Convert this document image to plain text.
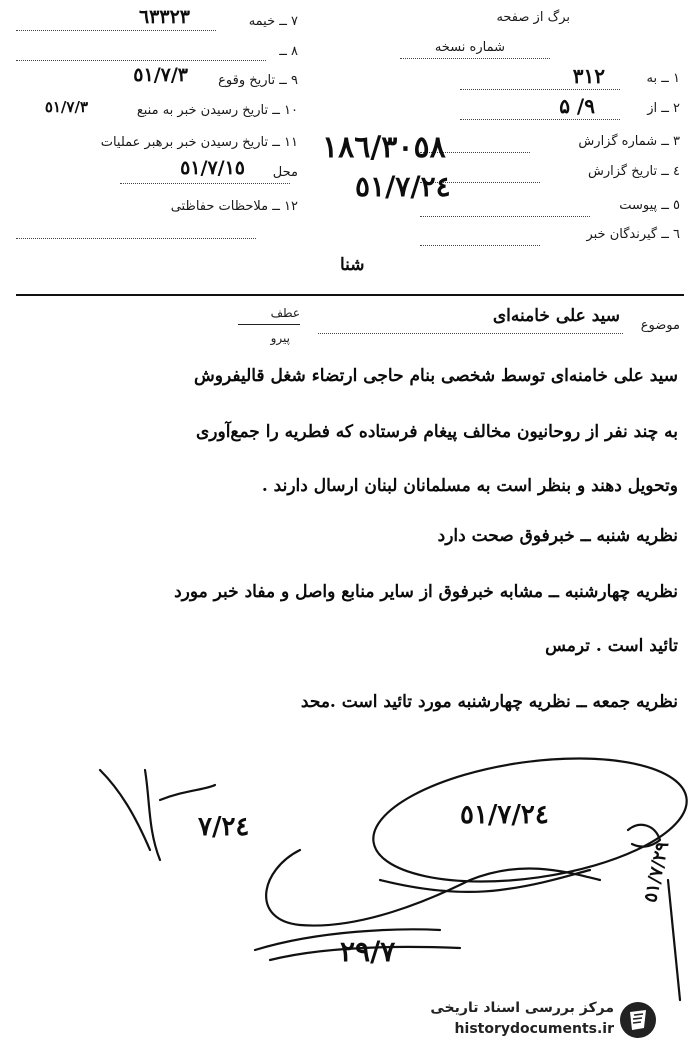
برگ از صفحه
شماره نسخه
۱ ــ به
۳۱۲
۲ ــ از
۹/ ۵
۳ ــ شماره گزارش
٤ ــ تاریخ گزارش
٥ ــ پیوست
٦ ــ گیرندگان خبر
٧ ــ خیمه
٦٣٣٢٣
٨ ــ
٩ ــ تاریخ وقوع
٥١/٧/٣
١٠ ــ تاریخ رسیدن خبر به منبع
٥١/٧/٣
١١ ــ تاریخ رسیدن خبر برهبر عملیات
محل
٥١/٧/١٥
١٢ ــ ملاحظات حفاظتی
١٨٦/٣٠٥٨
٥١/٧/٢٤
شنا
موضوع
سید علی خامنه‌ای
عطف
پیرو
سید علی خامنه‌ای توسط شخصی بنام حاجی ارتضاء شغل قالیفروش
به چند نفر از روحانیون مخالف پیغام فرستاده که فطریه را جمع‌آوری
وتحویل دهند و بنظر است به مسلمانان لبنان ارسال دارند .
نظریه شنبه ــ خبرفوق صحت دارد
نظریه چهارشنبه ــ مشابه خبرفوق از سایر منابع واصل و مفاد خبر مورد
تائید است . ترمس
نظریه جمعه ــ نظریه چهارشنبه مورد تائید است .محد
٧/٢٤	٥١/٧/٢٤
٢٩/٧
٥١/٧/٢٩
مرکز بررسی اسناد تاریخی
historydocuments.ir
